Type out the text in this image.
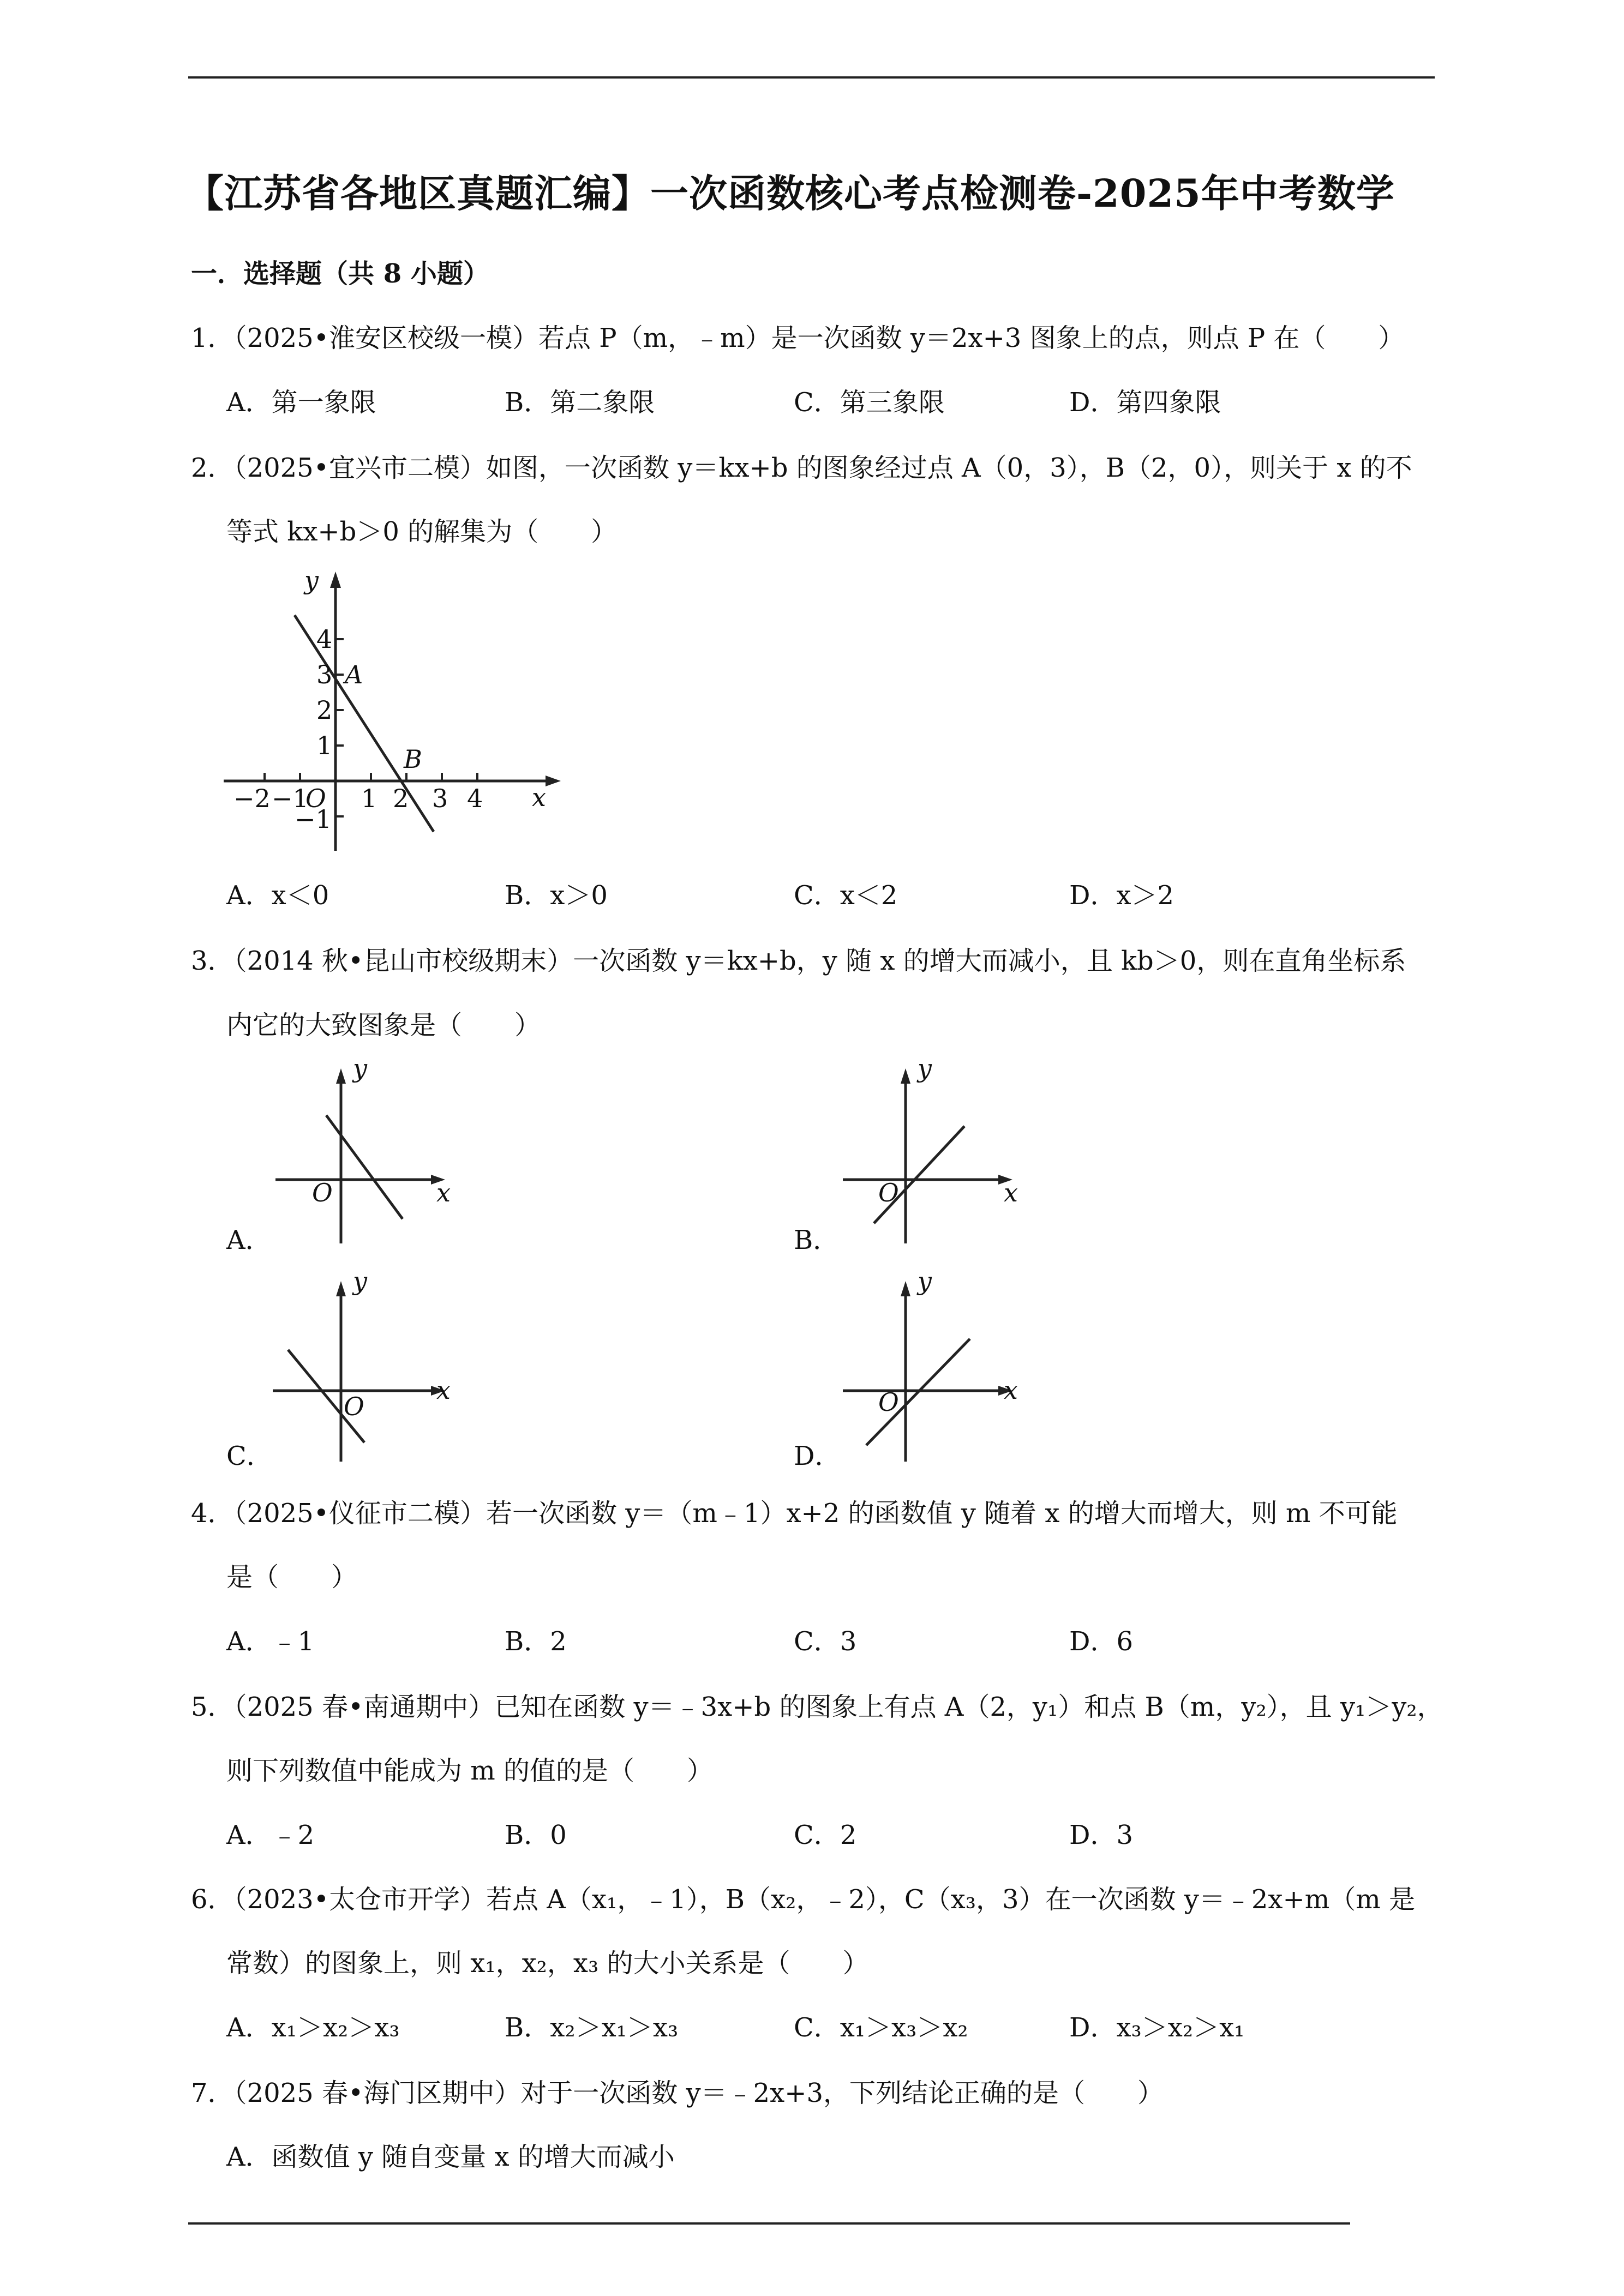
【江苏省各地区真题汇编】一次函数核心考点检测卷-2025年中考数学
一．选择题（共 8 小题）
1．（2025•淮安区校级一模）若点 P（m，﹣m）是一次函数 y＝2x+3 图象上的点，则点 P 在（　　）
A．第一象限	B．第二象限	C．第三象限	D．第四象限
2．（2025•宜兴市二模）如图，一次函数 y＝kx+b 的图象经过点 A（0，3），B（2，0），则关于 x 的不
等式 kx+b＞0 的解集为（　　）
y
x
4
3 A
2
1	B
−2 −1
O 1 2 3 4
−1
A．x＜0	B．x＞0	C．x＜2	D．x＞2
3．（2014 秋•昆山市校级期末）一次函数 y＝kx+b，y 随 x 的增大而减小，且 kb＞0，则在直角坐标系
内它的大致图象是（　　）
y
x
O
A．
y
x
O
B．
y
x
O
C．
y
x
O
D．
4．（2025•仪征市二模）若一次函数 y＝（m﹣1）x+2 的函数值 y 随着 x 的增大而增大，则 m 不可能
是（　　）
A．﹣1	B．2	C．3	D．6
5．（2025 春•南通期中）已知在函数 y＝﹣3x+b 的图象上有点 A（2，y₁）和点 B（m，y₂），且 y₁＞y₂，
则下列数值中能成为 m 的值的是（　　）
A．﹣2	B．0	C．2	D．3
6．（2023•太仓市开学）若点 A（x₁，﹣1），B（x₂，﹣2），C（x₃，3）在一次函数 y＝﹣2x+m（m 是
常数）的图象上，则 x₁，x₂，x₃ 的大小关系是（　　）
A．x₁＞x₂＞x₃	B．x₂＞x₁＞x₃	C．x₁＞x₃＞x₂	D．x₃＞x₂＞x₁
7．（2025 春•海门区期中）对于一次函数 y＝﹣2x+3，下列结论正确的是（　　）
A．函数值 y 随自变量 x 的增大而减小
